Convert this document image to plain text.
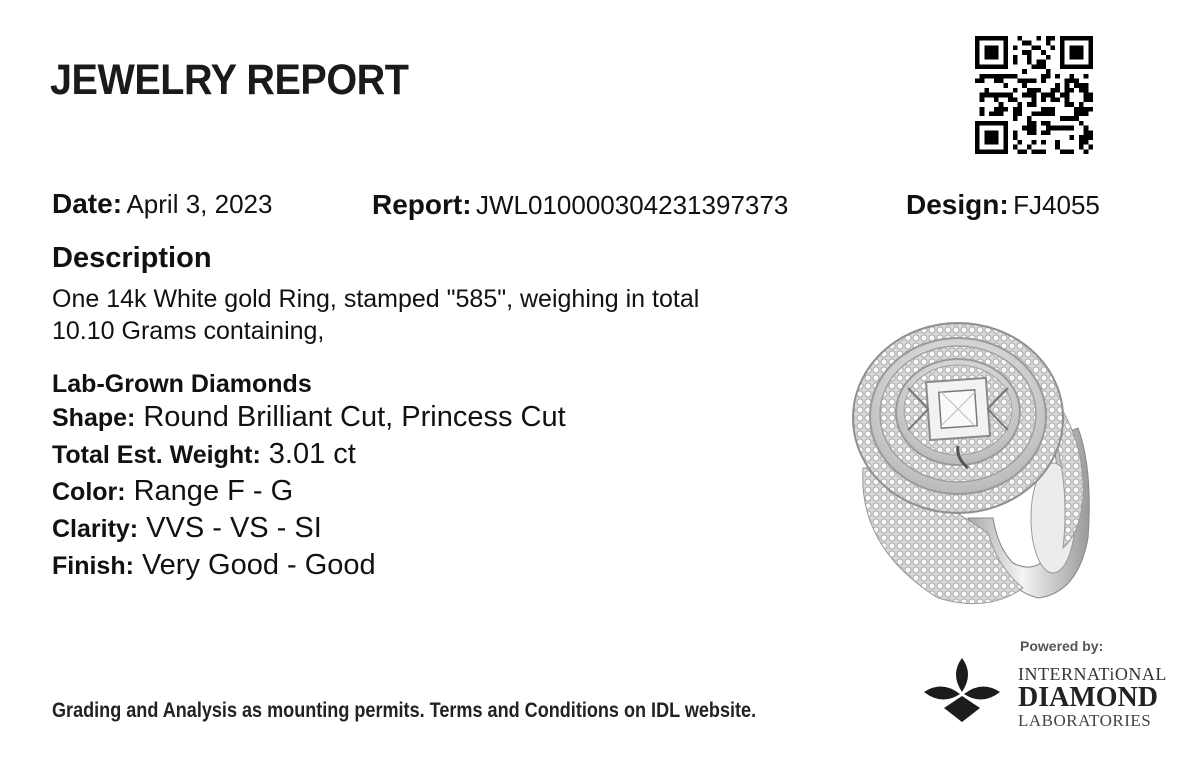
JEWELRY REPORT
Date: April 3, 2023	Report: JWL010000304231397373	Design: FJ4055
Description
One 14k White gold Ring, stamped "585", weighing in total
10.10 Grams containing,
Lab-Grown Diamonds
Shape: Round Brilliant Cut, Princess Cut
Total Est. Weight: 3.01 ct
Color: Range F - G
Clarity: VVS - VS - SI
Finish: Very Good - Good
Grading and Analysis as mounting permits. Terms and Conditions on IDL website.
Powered by:
INTERNATiONAL
DIAMOND
LABORATORIES
